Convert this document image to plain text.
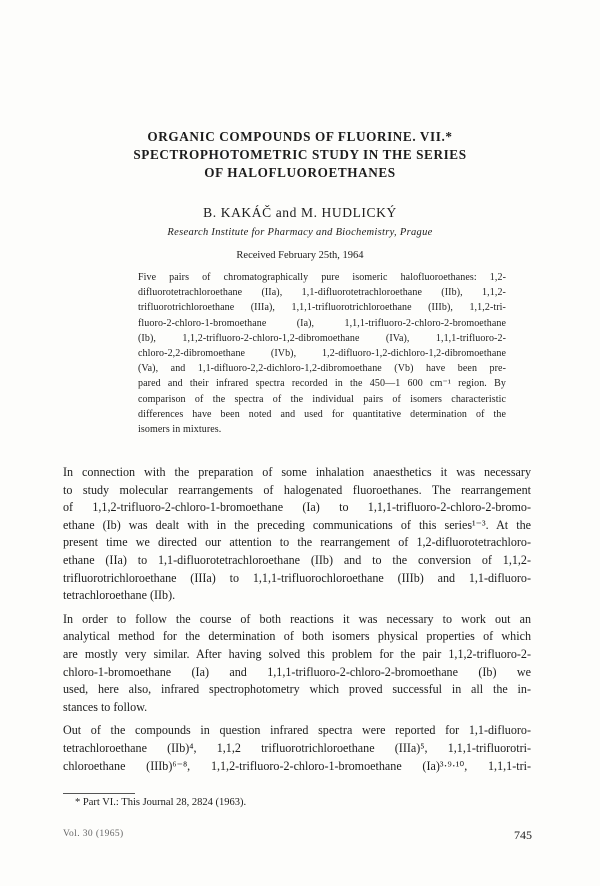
ORGANIC COMPOUNDS OF FLUORINE. VII.*
SPECTROPHOTOMETRIC STUDY IN THE SERIES
OF HALOFLUOROETHANES
B. KAKÁČ and M. HUDLICKÝ
Research Institute for Pharmacy and Biochemistry, Prague
Received February 25th, 1964
Five pairs of chromatographically pure isomeric halofluoroethanes: 1,2-
difluorotetrachloroethane (IIa), 1,1-difluorotetrachloroethane (IIb), 1,1,2-
trifluorotrichloroethane (IIIa), 1,1,1-trifluorotrichloroethane (IIIb), 1,1,2-tri-
fluoro-2-chloro-1-bromoethane (Ia), 1,1,1-trifluoro-2-chloro-2-bromoethane
(Ib), 1,1,2-trifluoro-2-chloro-1,2-dibromoethane (IVa), 1,1,1-trifluoro-2-
chloro-2,2-dibromoethane (IVb), 1,2-difluoro-1,2-dichloro-1,2-dibromoethane
(Va), and 1,1-difluoro-2,2-dichloro-1,2-dibromoethane (Vb) have been pre-
pared and their infrared spectra recorded in the 450—1 600 cm⁻¹ region. By
comparison of the spectra of the individual pairs of isomers characteristic
differences have been noted and used for quantitative determination of the
isomers in mixtures.
In connection with the preparation of some inhalation anaesthetics it was necessary
to study molecular rearrangements of halogenated fluoroethanes. The rearrangement
of 1,1,2-trifluoro-2-chloro-1-bromoethane (Ia) to 1,1,1-trifluoro-2-chloro-2-bromo-
ethane (Ib) was dealt with in the preceding communications of this series¹⁻³. At the
present time we directed our attention to the rearrangement of 1,2-difluorotetrachloro-
ethane (IIa) to 1,1-difluorotetrachloroethane (IIb) and to the conversion of 1,1,2-
trifluorotrichloroethane (IIIa) to 1,1,1-trifluorochloroethane (IIIb) and 1,1-difluoro-
tetrachloroethane (IIb).
In order to follow the course of both reactions it was necessary to work out an
analytical method for the determination of both isomers physical properties of which
are mostly very similar. After having solved this problem for the pair 1,1,2-trifluoro-2-
chloro-1-bromoethane (Ia) and 1,1,1-trifluoro-2-chloro-2-bromoethane (Ib) we
used, here also, infrared spectrophotometry which proved successful in all the in-
stances to follow.
Out of the compounds in question infrared spectra were reported for 1,1-difluoro-
tetrachloroethane (IIb)⁴, 1,1,2 trifluorotrichloroethane (IIIa)⁵, 1,1,1-trifluorotri-
chloroethane (IIIb)⁶⁻⁸, 1,1,2-trifluoro-2-chloro-1-bromoethane (Ia)³·⁹·¹⁰, 1,1,1-tri-
* Part VI.: This Journal 28, 2824 (1963).
Vol. 30 (1965)	745
